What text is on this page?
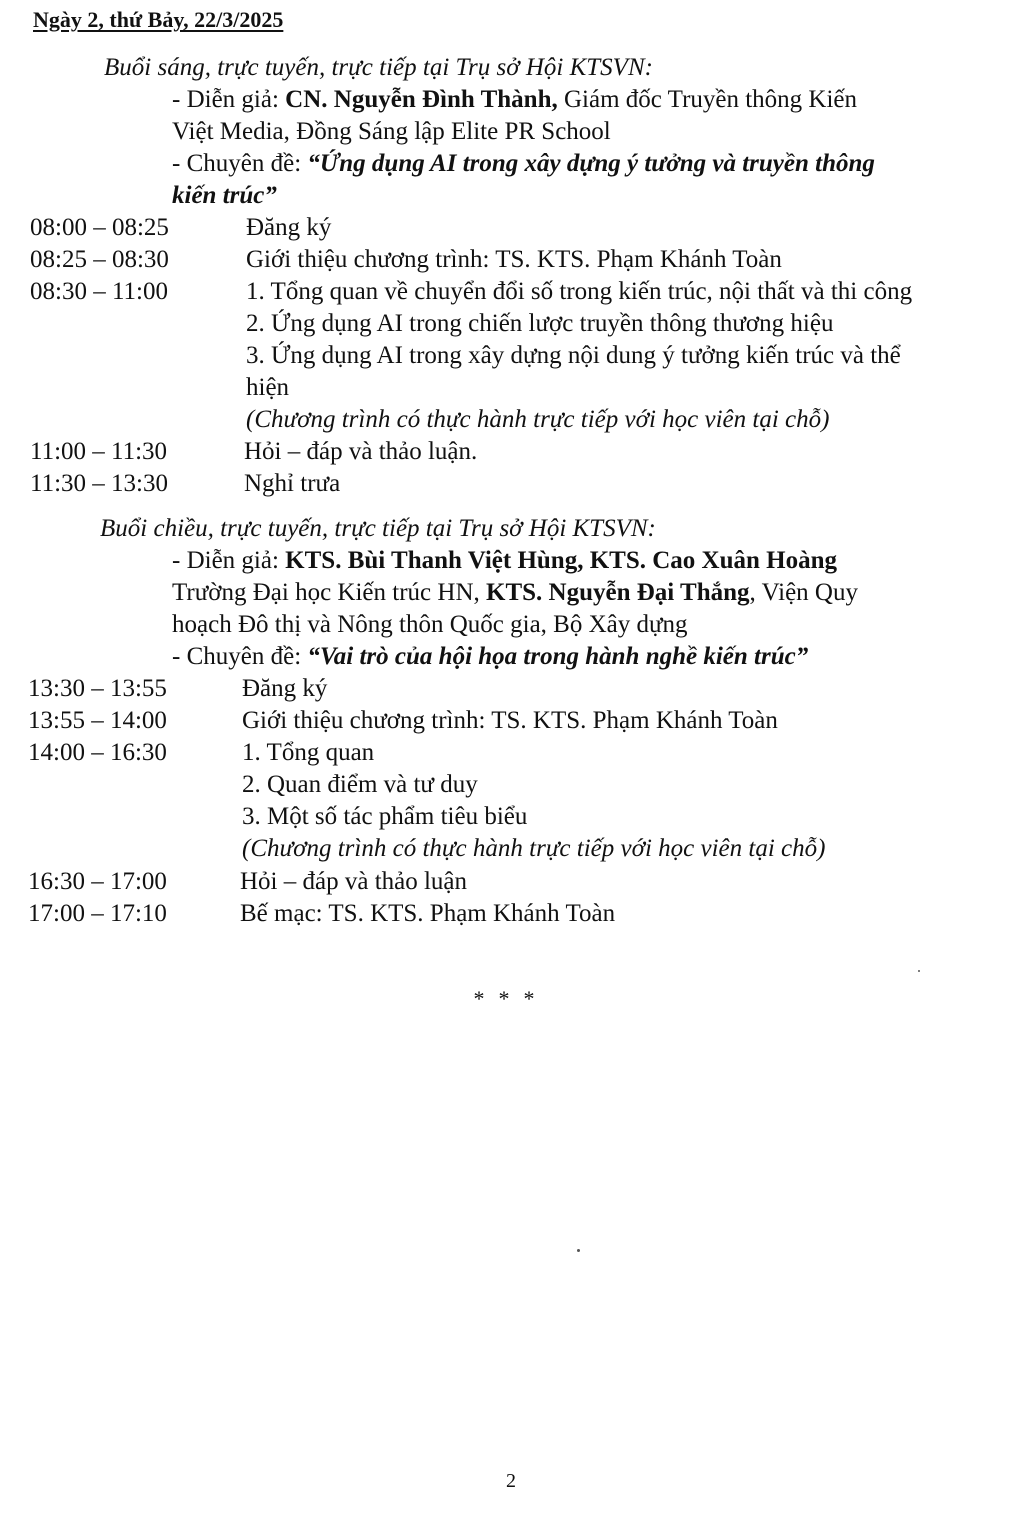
Ngày 2, thứ Bảy, 22/3/2025
Buổi sáng, trực tuyến, trực tiếp tại Trụ sở Hội KTSVN:
- Diễn giả: CN. Nguyễn Đình Thành, Giám đốc Truyền thông Kiến
Việt Media, Đồng Sáng lập Elite PR School
- Chuyên đề: “Ứng dụng AI trong xây dựng ý tưởng và truyền thông
kiến trúc”
08:00 – 08:25	Đăng ký
08:25 – 08:30	Giới thiệu chương trình: TS. KTS. Phạm Khánh Toàn
08:30 – 11:00	1. Tổng quan về chuyển đổi số trong kiến trúc, nội thất và thi công
2. Ứng dụng AI trong chiến lược truyền thông thương hiệu
3. Ứng dụng AI trong xây dựng nội dung ý tưởng kiến trúc và thể
hiện
(Chương trình có thực hành trực tiếp với học viên tại chỗ)
11:00 – 11:30	Hỏi – đáp và thảo luận.
11:30 – 13:30	Nghỉ trưa
Buổi chiều, trực tuyến, trực tiếp tại Trụ sở Hội KTSVN:
- Diễn giả: KTS. Bùi Thanh Việt Hùng, KTS. Cao Xuân Hoàng
Trường Đại học Kiến trúc HN, KTS. Nguyễn Đại Thắng, Viện Quy
hoạch Đô thị và Nông thôn Quốc gia, Bộ Xây dựng
- Chuyên đề: “Vai trò của hội họa trong hành nghề kiến trúc”
13:30 – 13:55	Đăng ký
13:55 – 14:00	Giới thiệu chương trình: TS. KTS. Phạm Khánh Toàn
14:00 – 16:30	1. Tổng quan
2. Quan điểm và tư duy
3. Một số tác phẩm tiêu biểu
(Chương trình có thực hành trực tiếp với học viên tại chỗ)
16:30 – 17:00	Hỏi – đáp và thảo luận
17:00 – 17:10	Bế mạc: TS. KTS. Phạm Khánh Toàn
***
2
